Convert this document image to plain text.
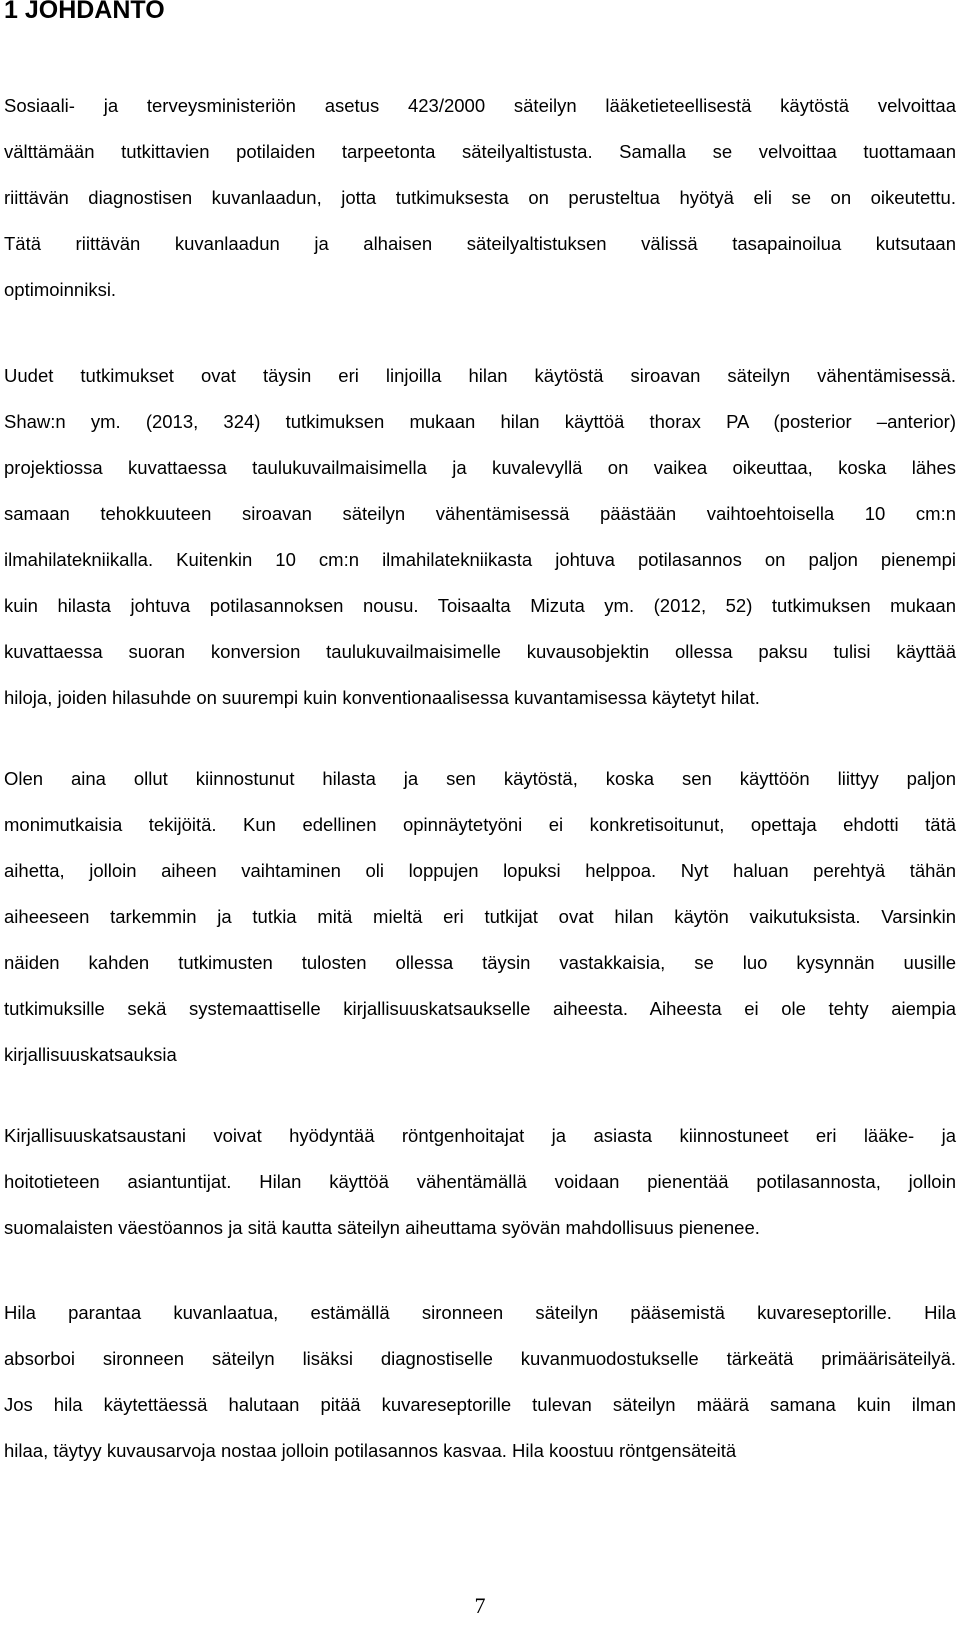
1 JOHDANTO
Sosiaali- ja terveysministeriön asetus 423/2000 säteilyn lääketieteellisestä käytöstä velvoittaa
välttämään tutkittavien potilaiden tarpeetonta säteilyaltistusta. Samalla se velvoittaa tuottamaan
riittävän diagnostisen kuvanlaadun, jotta tutkimuksesta on perusteltua hyötyä eli se on oikeutettu.
Tätä riittävän kuvanlaadun ja alhaisen säteilyaltistuksen välissä tasapainoilua kutsutaan
optimoinniksi.
Uudet tutkimukset ovat täysin eri linjoilla hilan käytöstä siroavan säteilyn vähentämisessä.
Shaw:n ym. (2013, 324) tutkimuksen mukaan hilan käyttöä thorax PA (posterior –anterior)
projektiossa kuvattaessa taulukuvailmaisimella ja kuvalevyllä on vaikea oikeuttaa, koska lähes
samaan tehokkuuteen siroavan säteilyn vähentämisessä päästään vaihtoehtoisella 10 cm:n
ilmahilatekniikalla. Kuitenkin 10 cm:n ilmahilatekniikasta johtuva potilasannos on paljon pienempi
kuin hilasta johtuva potilasannoksen nousu. Toisaalta Mizuta ym. (2012, 52) tutkimuksen mukaan
kuvattaessa suoran konversion taulukuvailmaisimelle kuvausobjektin ollessa paksu tulisi käyttää
hiloja, joiden hilasuhde on suurempi kuin konventionaalisessa kuvantamisessa käytetyt hilat.
Olen aina ollut kiinnostunut hilasta ja sen käytöstä, koska sen käyttöön liittyy paljon
monimutkaisia tekijöitä. Kun edellinen opinnäytetyöni ei konkretisoitunut, opettaja ehdotti tätä
aihetta, jolloin aiheen vaihtaminen oli loppujen lopuksi helppoa. Nyt haluan perehtyä tähän
aiheeseen tarkemmin ja tutkia mitä mieltä eri tutkijat ovat hilan käytön vaikutuksista. Varsinkin
näiden kahden tutkimusten tulosten ollessa täysin vastakkaisia, se luo kysynnän uusille
tutkimuksille sekä systemaattiselle kirjallisuuskatsaukselle aiheesta. Aiheesta ei ole tehty aiempia
kirjallisuuskatsauksia
Kirjallisuuskatsaustani voivat hyödyntää röntgenhoitajat ja asiasta kiinnostuneet eri lääke- ja
hoitotieteen asiantuntijat. Hilan käyttöä vähentämällä voidaan pienentää potilasannosta, jolloin
suomalaisten väestöannos ja sitä kautta säteilyn aiheuttama syövän mahdollisuus pienenee.
Hila parantaa kuvanlaatua, estämällä sironneen säteilyn pääsemistä kuvareseptorille. Hila
absorboi sironneen säteilyn lisäksi diagnostiselle kuvanmuodostukselle tärkeätä primäärisäteilyä.
Jos hila käytettäessä halutaan pitää kuvareseptorille tulevan säteilyn määrä samana kuin ilman
hilaa, täytyy kuvausarvoja nostaa jolloin potilasannos kasvaa. Hila koostuu röntgensäteitä
7
